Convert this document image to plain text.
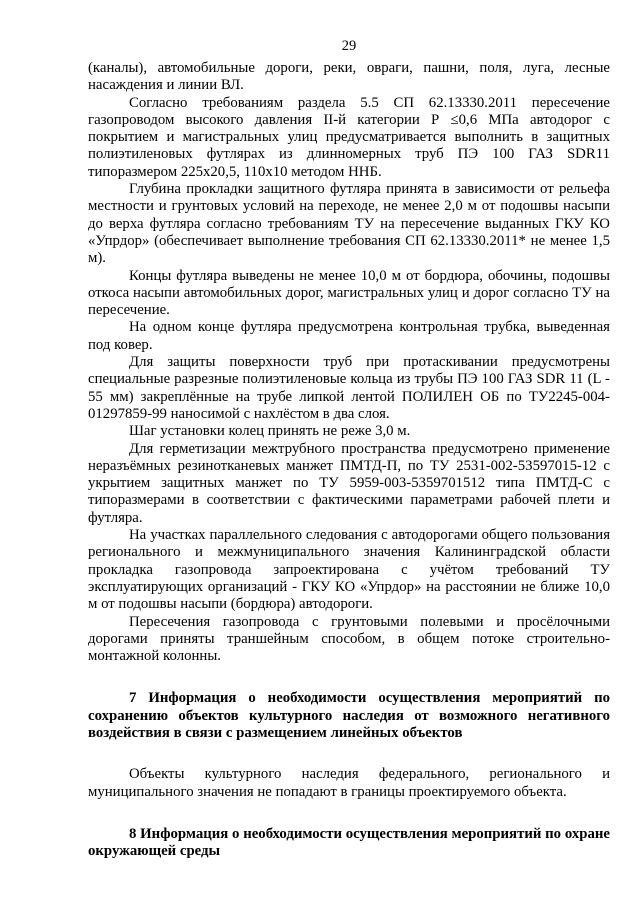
29

(каналы), автомобильные дороги, реки, овраги, пашни, поля, луга, лесные насаждения и линии ВЛ.

Согласно требованиям раздела 5.5 СП 62.13330.2011 пересечение газопроводом высокого давления II-й категории Р ≤0,6 МПа автодорог с покрытием и магистральных улиц предусматривается выполнить в защитных полиэтиленовых футлярах из длинномерных труб ПЭ 100 ГАЗ SDR11 типоразмером 225х20,5, 110х10 методом ННБ.

Глубина прокладки защитного футляра принята в зависимости от рельефа местности и грунтовых условий на переходе, не менее 2,0 м от подошвы насыпи до верха футляра согласно требованиям ТУ на пересечение выданных ГКУ КО «Упрдор» (обеспечивает выполнение требования СП 62.13330.2011* не менее 1,5 м).

Концы футляра выведены не менее 10,0 м от бордюра, обочины, подошвы откоса насыпи автомобильных дорог, магистральных улиц и дорог согласно ТУ на пересечение.

На одном конце футляра предусмотрена контрольная трубка, выведенная под ковер.

Для защиты поверхности труб при протаскивании предусмотрены специальные разрезные полиэтиленовые кольца из трубы ПЭ 100 ГАЗ SDR 11 (L - 55 мм) закреплённые на трубе липкой лентой ПОЛИЛЕН ОБ по ТУ2245-004-01297859-99 наносимой с нахлёстом в два слоя.

Шаг установки колец принять не реже 3,0 м.

Для герметизации межтрубного пространства предусмотрено применение неразъёмных резинотканевых манжет ПМТД-П, по ТУ 2531-002-53597015-12 с укрытием защитных манжет по ТУ 5959-003-5359701512 типа ПМТД-С с типоразмерами в соответствии с фактическими параметрами рабочей плети и футляра.

На участках параллельного следования с автодорогами общего пользования регионального и межмуниципального значения Калининградской области прокладка газопровода запроектирована с учётом требований ТУ эксплуатирующих организаций - ГКУ КО «Упрдор» на расстоянии не ближе 10,0 м от подошвы насыпи (бордюра) автодороги.

Пересечения газопровода с грунтовыми полевыми и просёлочными дорогами приняты траншейным способом, в общем потоке строительно-монтажной колонны.

7 Информация о необходимости осуществления мероприятий по сохранению объектов культурного наследия от возможного негативного воздействия в связи с размещением линейных объектов

Объекты культурного наследия федерального, регионального и муниципального значения не попадают в границы проектируемого объекта.

8 Информация о необходимости осуществления мероприятий по охране окружающей среды
